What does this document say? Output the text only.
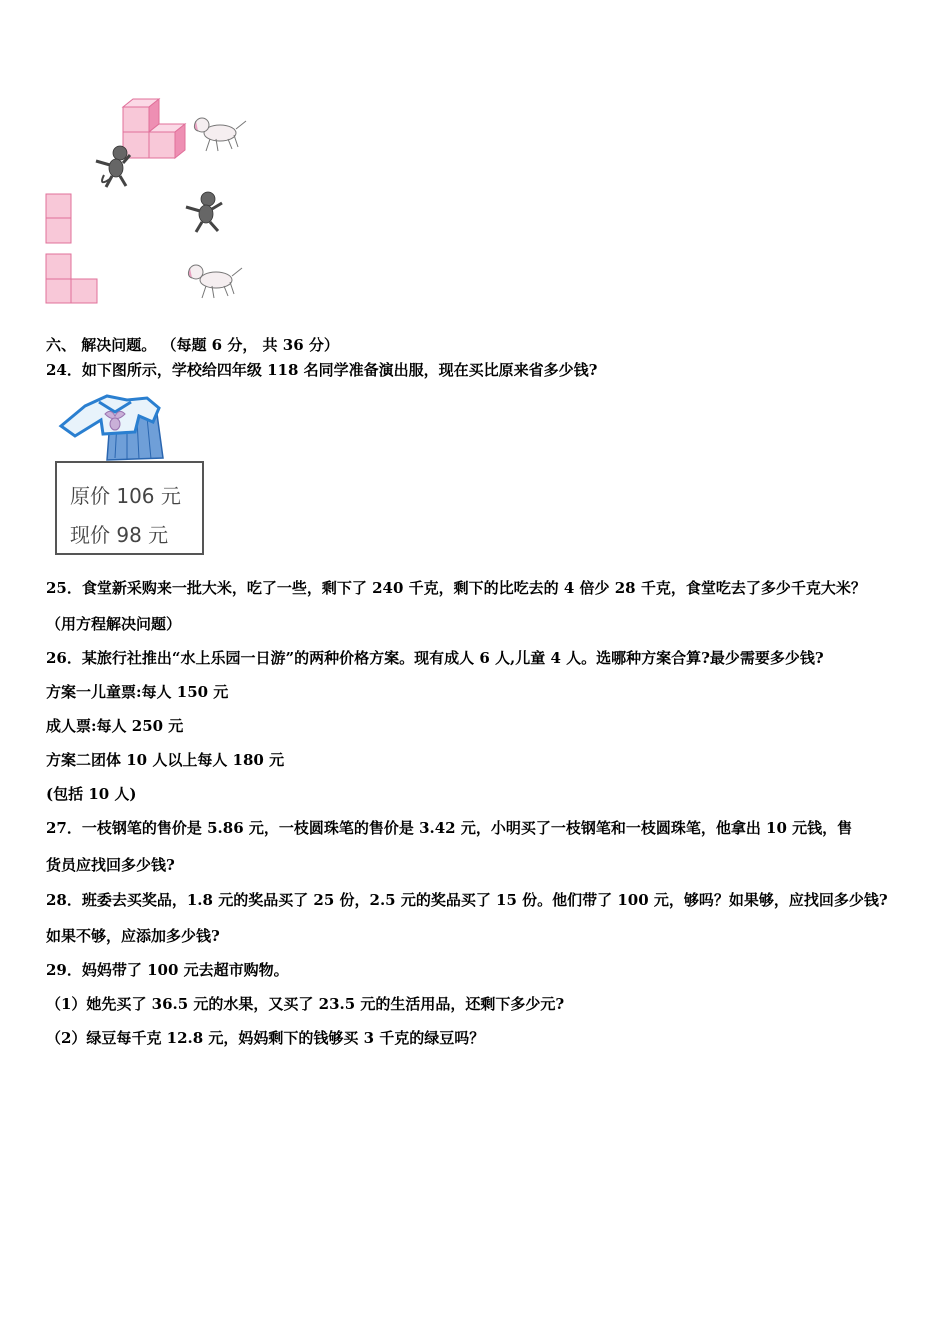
六、 解决问题。 （每题 6 分， 共 36 分）
24．如下图所示，学校给四年级 118 名同学准备演出服，现在买比原来省多少钱?
原价 106 元
现价 98 元
25．食堂新采购来一批大米，吃了一些，剩下了 240 千克，剩下的比吃去的 4 倍少 28 千克，食堂吃去了多少千克大米？
（用方程解决问题）
26．某旅行社推出“水上乐园一日游”的两种价格方案。现有成人 6 人,儿童 4 人。选哪种方案合算?最少需要多少钱?
方案一儿童票:每人 150 元
成人票:每人 250 元
方案二团体 10 人以上每人 180 元
(包括 10 人)
27．一枝钢笔的售价是 5.86 元，一枝圆珠笔的售价是 3.42 元，小明买了一枝钢笔和一枝圆珠笔，他拿出 10 元钱，售
货员应找回多少钱?
28．班委去买奖品，1.8 元的奖品买了 25 份，2.5 元的奖品买了 15 份。他们带了 100 元，够吗？如果够，应找回多少钱?
如果不够，应添加多少钱?
29．妈妈带了 100 元去超市购物。
（1）她先买了 36.5 元的水果，又买了 23.5 元的生活用品，还剩下多少元?
（2）绿豆每千克 12.8 元，妈妈剩下的钱够买 3 千克的绿豆吗？
